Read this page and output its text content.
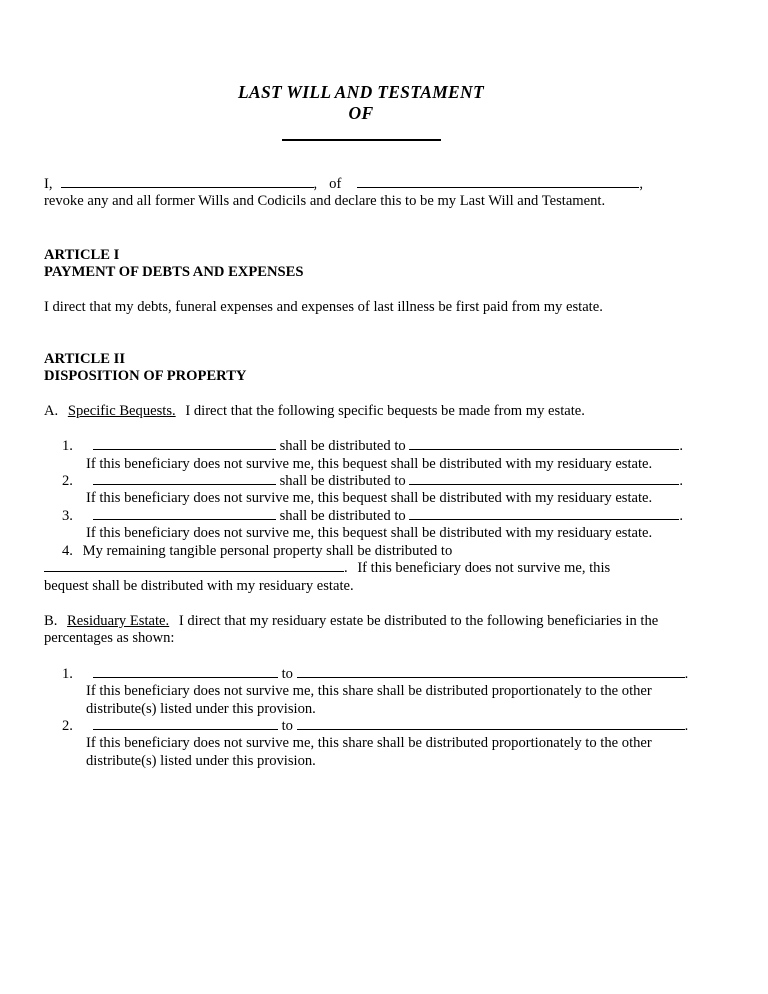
LAST WILL AND TESTAMENT
OF
I,	, of	,
revoke any and all former Wills and Codicils and declare this to be my Last Will and Testament.
ARTICLE I
PAYMENT OF DEBTS AND EXPENSES
I direct that my debts, funeral expenses and expenses of last illness be first paid from my estate.
ARTICLE II
DISPOSITION OF PROPERTY
A. Specific Bequests. I direct that the following specific bequests be made from my estate.
1.	shall be distributed to	.
If this beneficiary does not survive me, this bequest shall be distributed with my residuary estate.
2.	shall be distributed to	.
If this beneficiary does not survive me, this bequest shall be distributed with my residuary estate.
3.	shall be distributed to	.
If this beneficiary does not survive me, this bequest shall be distributed with my residuary estate.
4. My remaining tangible personal property shall be distributed to
. If this beneficiary does not survive me, this
bequest shall be distributed with my residuary estate.
B. Residuary Estate. I direct that my residuary estate be distributed to the following beneficiaries in the
percentages as shown:
1.	to	.
If this beneficiary does not survive me, this share shall be distributed proportionately to the other
distribute(s) listed under this provision.
2.	to	.
If this beneficiary does not survive me, this share shall be distributed proportionately to the other
distribute(s) listed under this provision.
